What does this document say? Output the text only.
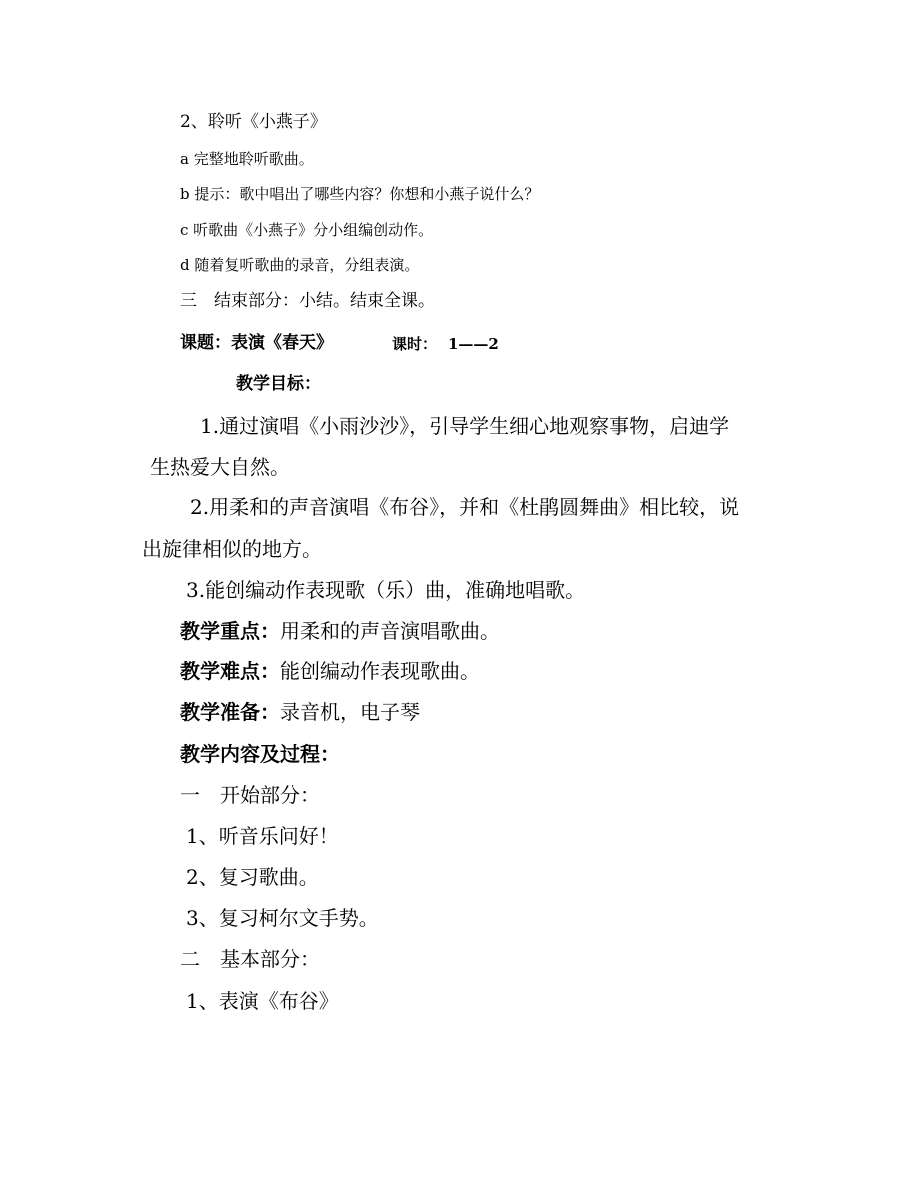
2、聆听《小燕子》
a 完整地聆听歌曲。
b 提示：歌中唱出了哪些内容？你想和小燕子说什么？
c 听歌曲《小燕子》分小组编创动作。
d 随着复听歌曲的录音，分组表演。
三　结束部分：小结。结束全课。
课题：表演《春天》	课时： 1——2
教学目标：
1.通过演唱《小雨沙沙》，引导学生细心地观察事物，启迪学
生热爱大自然。
2.用柔和的声音演唱《布谷》，并和《杜鹃圆舞曲》相比较，说
出旋律相似的地方。
3.能创编动作表现歌（乐）曲，准确地唱歌。
教学重点：用柔和的声音演唱歌曲。
教学难点：能创编动作表现歌曲。
教学准备：录音机，电子琴
教学内容及过程：
一　开始部分：
1、听音乐问好！
2、复习歌曲。
3、复习柯尔文手势。
二　基本部分：
1、表演《布谷》
